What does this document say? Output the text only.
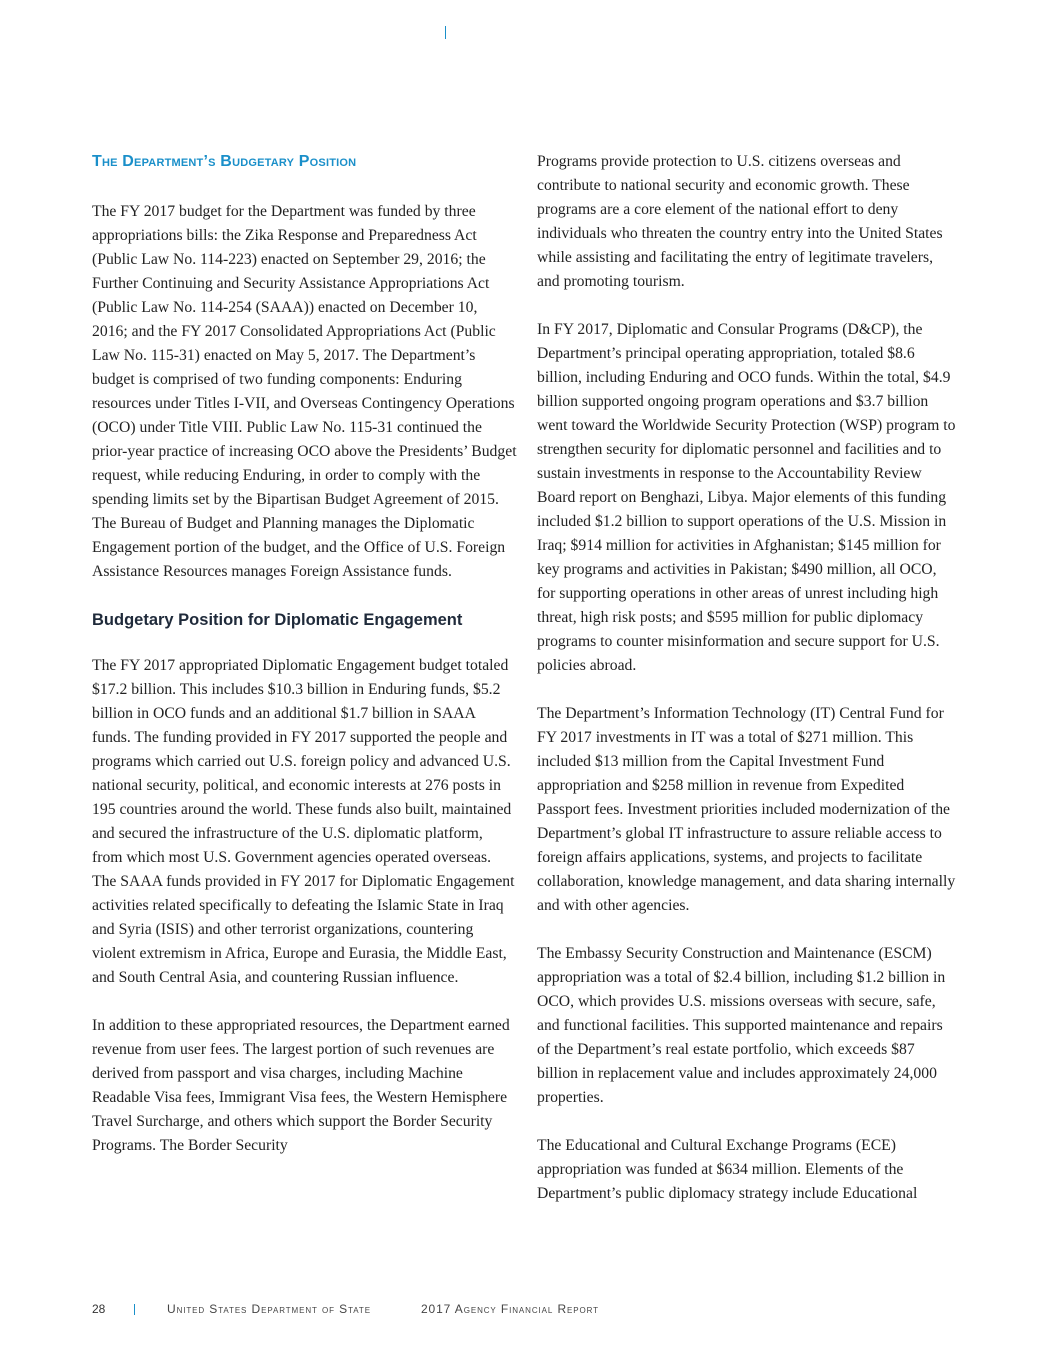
The Department’s Budgetary Position

The FY 2017 budget for the Department was funded by three appropriations bills: the Zika Response and Preparedness Act (Public Law No. 114-223) enacted on September 29, 2016; the Further Continuing and Security Assistance Appropriations Act (Public Law No. 114-254 (SAAA)) enacted on December 10, 2016; and the FY 2017 Consolidated Appropriations Act (Public Law No. 115-31) enacted on May 5, 2017. The Department’s budget is comprised of two funding components: Enduring resources under Titles I-VII, and Overseas Contingency Operations (OCO) under Title VIII. Public Law No. 115-31 continued the prior-year practice of increasing OCO above the Presidents’ Budget request, while reducing Enduring, in order to comply with the spending limits set by the Bipartisan Budget Agreement of 2015. The Bureau of Budget and Planning manages the Diplomatic Engagement portion of the budget, and the Office of U.S. Foreign Assistance Resources manages Foreign Assistance funds.

Budgetary Position for Diplomatic Engagement

The FY 2017 appropriated Diplomatic Engagement budget totaled $17.2 billion. This includes $10.3 billion in Enduring funds, $5.2 billion in OCO funds and an additional $1.7 billion in SAAA funds. The funding provided in FY 2017 supported the people and programs which carried out U.S. foreign policy and advanced U.S. national security, political, and economic interests at 276 posts in 195 countries around the world. These funds also built, maintained and secured the infrastructure of the U.S. diplomatic platform, from which most U.S. Government agencies operated overseas. The SAAA funds provided in FY 2017 for Diplomatic Engagement activities related specifically to defeating the Islamic State in Iraq and Syria (ISIS) and other terrorist organizations, countering violent extremism in Africa, Europe and Eurasia, the Middle East, and South Central Asia, and countering Russian influence.

In addition to these appropriated resources, the Department earned revenue from user fees. The largest portion of such revenues are derived from passport and visa charges, including Machine Readable Visa fees, Immigrant Visa fees, the Western Hemisphere Travel Surcharge, and others which support the Border Security Programs. The Border Security

Programs provide protection to U.S. citizens overseas and contribute to national security and economic growth. These programs are a core element of the national effort to deny individuals who threaten the country entry into the United States while assisting and facilitating the entry of legitimate travelers, and promoting tourism.

In FY 2017, Diplomatic and Consular Programs (D&CP), the Department’s principal operating appropriation, totaled $8.6 billion, including Enduring and OCO funds. Within the total, $4.9 billion supported ongoing program operations and $3.7 billion went toward the Worldwide Security Protection (WSP) program to strengthen security for diplomatic personnel and facilities and to sustain investments in response to the Accountability Review Board report on Benghazi, Libya. Major elements of this funding included $1.2 billion to support operations of the U.S. Mission in Iraq; $914 million for activities in Afghanistan; $145 million for key programs and activities in Pakistan; $490 million, all OCO, for supporting operations in other areas of unrest including high threat, high risk posts; and $595 million for public diplomacy programs to counter misinformation and secure support for U.S. policies abroad.

The Department’s Information Technology (IT) Central Fund for FY 2017 investments in IT was a total of $271 million. This included $13 million from the Capital Investment Fund appropriation and $258 million in revenue from Expedited Passport fees. Investment priorities included modernization of the Department’s global IT infrastructure to assure reliable access to foreign affairs applications, systems, and projects to facilitate collaboration, knowledge management, and data sharing internally and with other agencies.

The Embassy Security Construction and Maintenance (ESCM) appropriation was a total of $2.4 billion, including $1.2 billion in OCO, which provides U.S. missions overseas with secure, safe, and functional facilities. This supported maintenance and repairs of the Department’s real estate portfolio, which exceeds $87 billion in replacement value and includes approximately 24,000 properties.

The Educational and Cultural Exchange Programs (ECE) appropriation was funded at $634 million. Elements of the Department’s public diplomacy strategy include Educational

28	United States Department of State	2017 Agency Financial Report
